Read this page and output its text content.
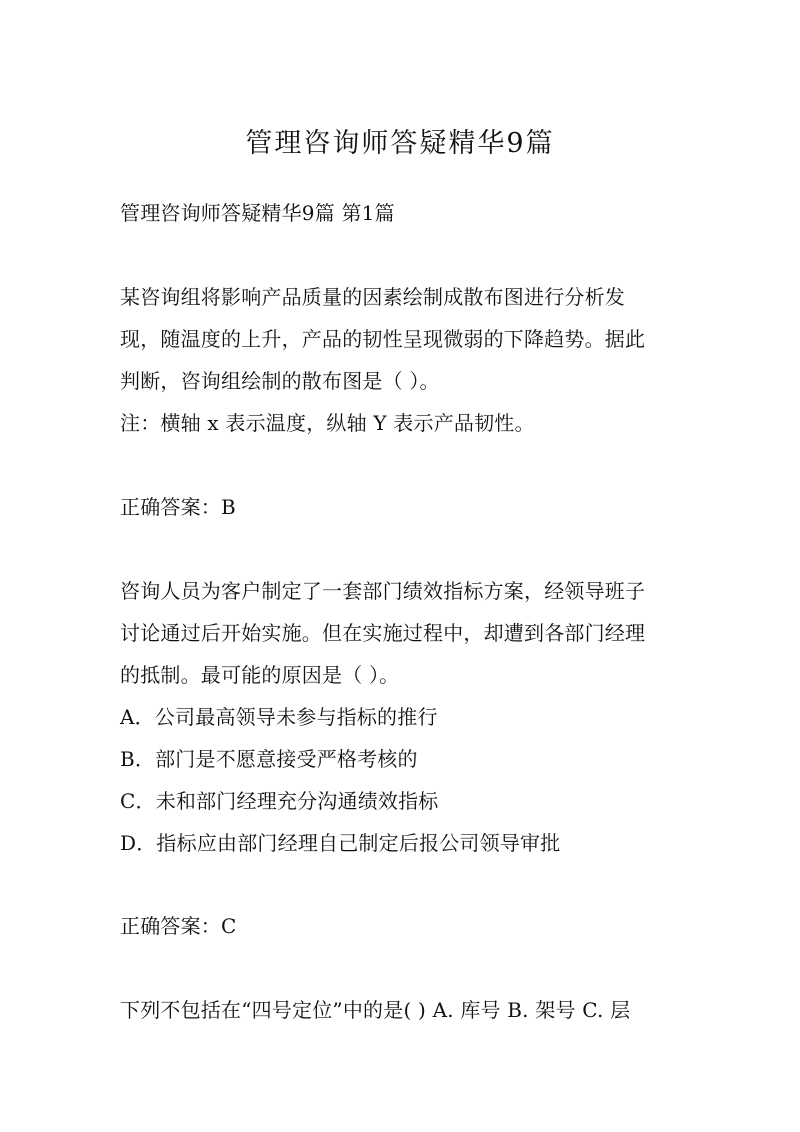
管理咨询师答疑精华9篇
管理咨询师答疑精华9篇 第1篇
某咨询组将影响产品质量的因素绘制成散布图进行分析发
现，随温度的上升，产品的韧性呈现微弱的下降趋势。据此
判断，咨询组绘制的散布图是（ ）。
注：横轴 x 表示温度，纵轴 Y 表示产品韧性。
正确答案：B
咨询人员为客户制定了一套部门绩效指标方案，经领导班子
讨论通过后开始实施。但在实施过程中，却遭到各部门经理
的抵制。最可能的原因是（ ）。
A．公司最高领导未参与指标的推行
B．部门是不愿意接受严格考核的
C．未和部门经理充分沟通绩效指标
D．指标应由部门经理自己制定后报公司领导审批
正确答案：C
下列不包括在“四号定位”中的是( ) A. 库号 B. 架号 C. 层
